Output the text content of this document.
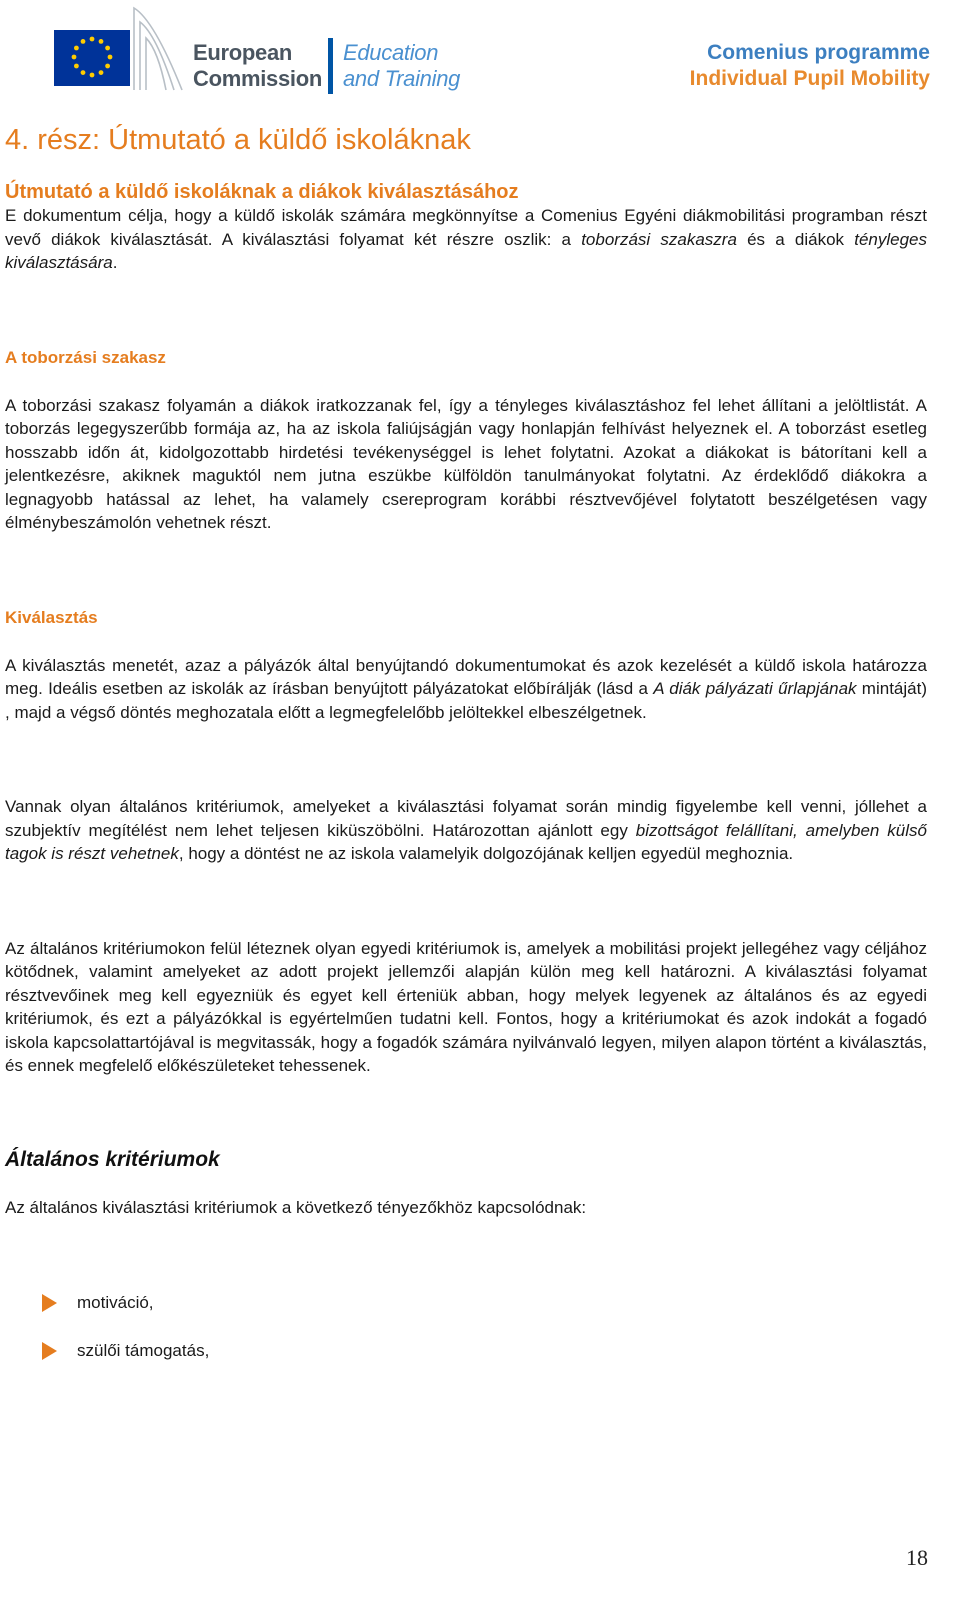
European
Commission
Education
and Training
Comenius programme
Individual Pupil Mobility
4. rész: Útmutató a küldő iskoláknak
Útmutató a küldő iskoláknak a diákok kiválasztásához

E dokumentum célja, hogy a küldő iskolák számára megkönnyítse a Comenius Egyéni diákmobilitási programban részt vevő diákok kiválasztását. A kiválasztási folyamat két részre oszlik: a toborzási szakaszra és a diákok tényleges kiválasztására.

A toborzási szakasz

A toborzási szakasz folyamán a diákok iratkozzanak fel, így a tényleges kiválasztáshoz fel lehet állítani a jelöltlistát. A toborzás legegyszerűbb formája az, ha az iskola faliújságján vagy honlapján felhívást helyeznek el. A toborzást esetleg hosszabb időn át, kidolgozottabb hirdetési tevékenységgel is lehet folytatni. Azokat a diákokat is bátorítani kell a jelentkezésre, akiknek maguktól nem jutna eszükbe külföldön tanulmányokat folytatni. Az érdeklődő diákokra a legnagyobb hatással az lehet, ha valamely csereprogram korábbi résztvevőjével folytatott beszélgetésen vagy élménybeszámolón vehetnek részt.

Kiválasztás

A kiválasztás menetét, azaz a pályázók által benyújtandó dokumentumokat és azok kezelését a küldő iskola határozza meg. Ideális esetben az iskolák az írásban benyújtott pályázatokat előbírálják (lásd a A diák pályázati űrlapjának mintáját) , majd a végső döntés meghozatala előtt a legmegfelelőbb jelöltekkel elbeszélgetnek.

Vannak olyan általános kritériumok, amelyeket a kiválasztási folyamat során mindig figyelembe kell venni, jóllehet a szubjektív megítélést nem lehet teljesen kiküszöbölni. Határozottan ajánlott egy bizottságot felállítani, amelyben külső tagok is részt vehetnek, hogy a döntést ne az iskola valamelyik dolgozójának kelljen egyedül meghoznia.

Az általános kritériumokon felül léteznek olyan egyedi kritériumok is, amelyek a mobilitási projekt jellegéhez vagy céljához kötődnek, valamint amelyeket az adott projekt jellemzői alapján külön meg kell határozni. A kiválasztási folyamat résztvevőinek meg kell egyezniük és egyet kell érteniük abban, hogy melyek legyenek az általános és az egyedi kritériumok, és ezt a pályázókkal is egyértelműen tudatni kell. Fontos, hogy a kritériumokat és azok indokát a fogadó iskola kapcsolattartójával is megvitassák, hogy a fogadók számára nyilvánvaló legyen, milyen alapon történt a kiválasztás, és ennek megfelelő előkészületeket tehessenek.

Általános kritériumok

Az általános kiválasztási kritériumok a következő tényezőkhöz kapcsolódnak:

motiváció,
szülői támogatás,
18
